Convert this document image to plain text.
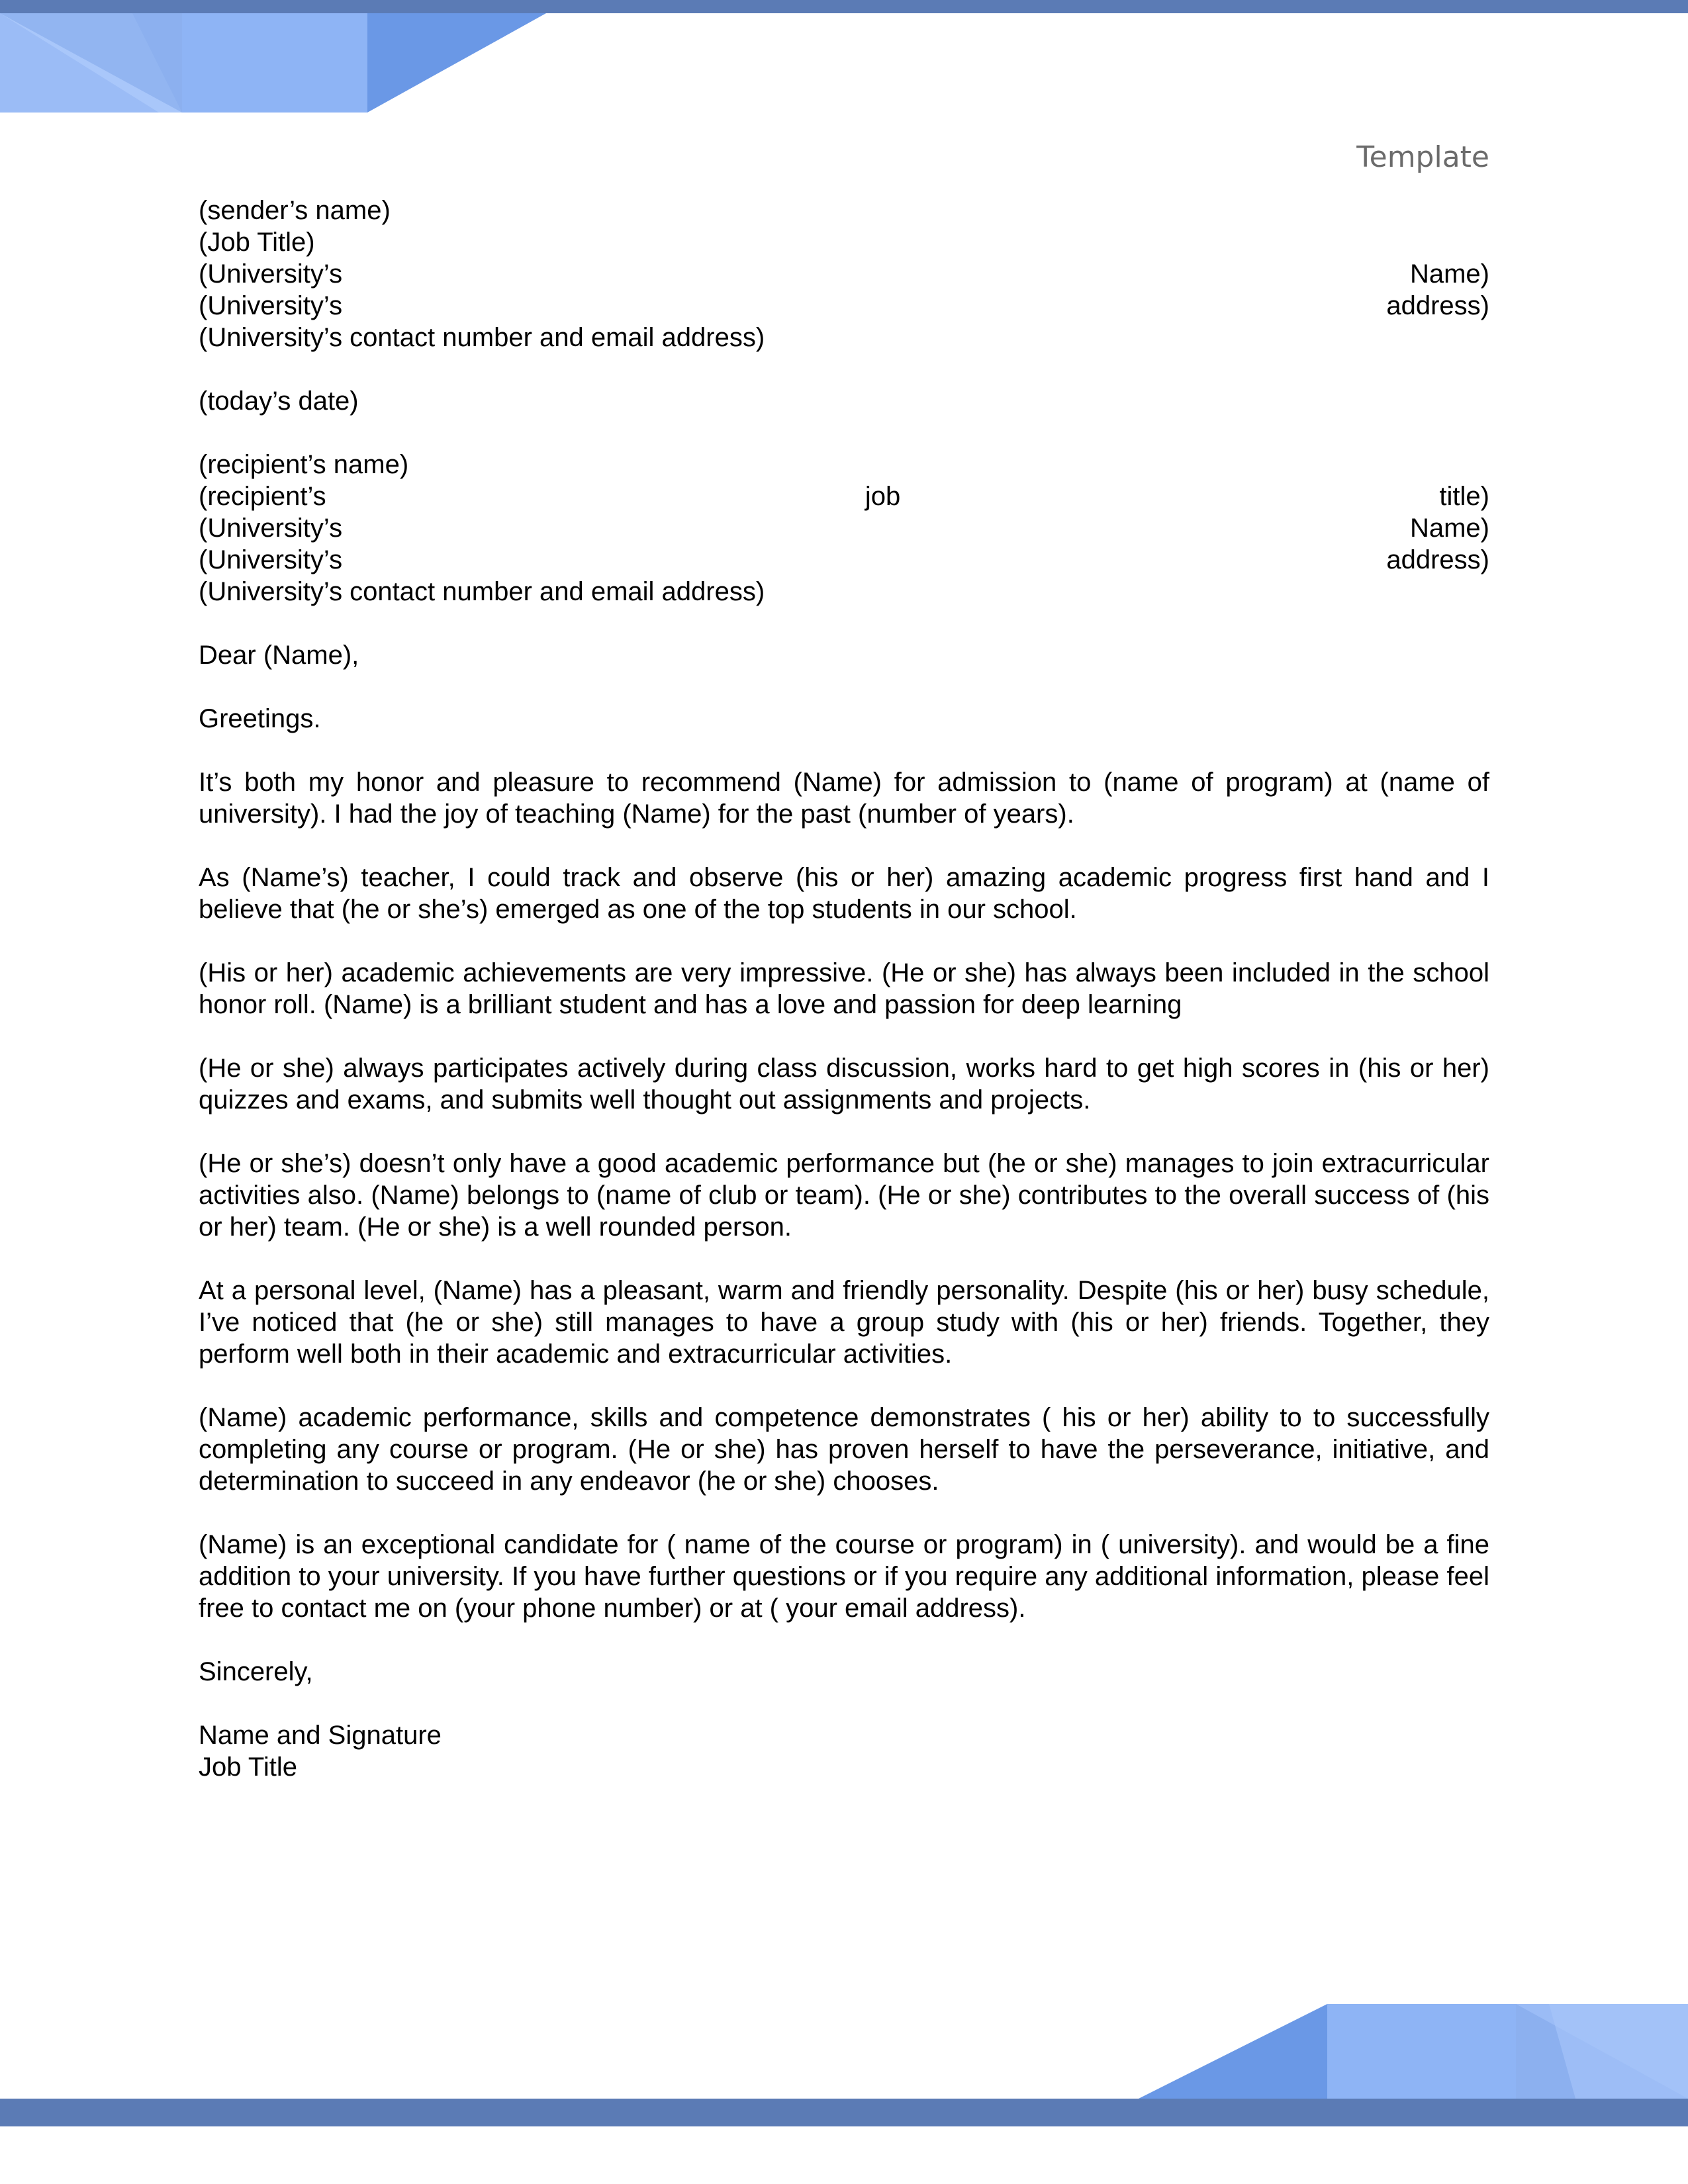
Template

(sender’s name)
(Job Title)
(University’s	Name)
(University’s	address)
(University’s contact number and email address)
(today’s date)
(recipient’s name)
(recipient’s	job	title)
(University’s	Name)
(University’s	address)
(University’s contact number and email address)
Dear (Name),
Greetings.

It’s both my honor and pleasure to recommend (Name) for admission to (name of program) at (name of university). I had the joy of teaching (Name) for the past (number of years).

As (Name’s) teacher, I could track and observe (his or her) amazing academic progress first hand and I believe that (he or she’s) emerged as one of the top students in our school.

(His or her) academic achievements are very impressive. (He or she) has always been included in the school honor roll. (Name) is a brilliant student and has a love and passion for deep learning

(He or she) always participates actively during class discussion, works hard to get high scores in (his or her) quizzes and exams, and submits well thought out assignments and projects.

(He or she’s) doesn’t only have a good academic performance but (he or she) manages to join extracurricular activities also. (Name) belongs to (name of club or team). (He or she) contributes to the overall success of (his or her) team. (He or she) is a well rounded person.

At a personal level, (Name) has a pleasant, warm and friendly personality. Despite (his or her) busy schedule, I’ve noticed that (he or she) still manages to have a group study with (his or her) friends. Together, they perform well both in their academic and extracurricular activities.

(Name) academic performance, skills and competence demonstrates ( his or her) ability to to successfully completing any course or program. (He or she) has proven herself to have the perseverance, initiative, and determination to succeed in any endeavor (he or she) chooses.

(Name) is an exceptional candidate for ( name of the course or program) in ( university). and would be a fine addition to your university. If you have further questions or if you require any additional information, please feel free to contact me on (your phone number) or at ( your email address).

Sincerely,
Name and Signature
Job Title
